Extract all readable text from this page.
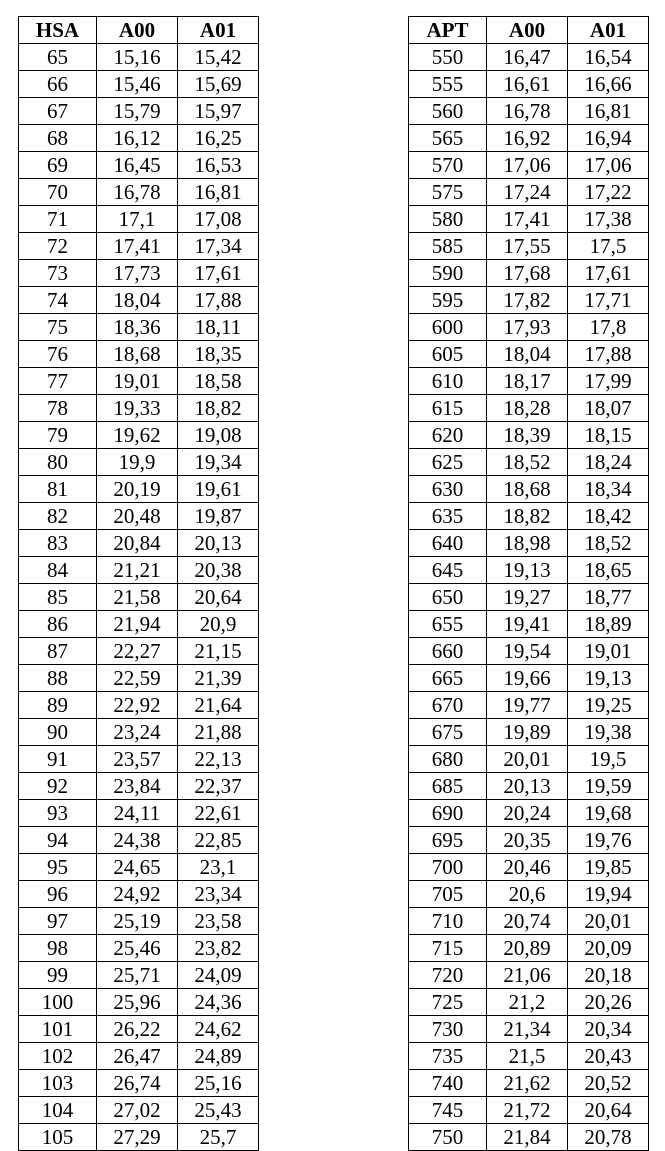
HSA	A00	A01
65	15,16	15,42
66	15,46	15,69
67	15,79	15,97
68	16,12	16,25
69	16,45	16,53
70	16,78	16,81
71	17,1	17,08
72	17,41	17,34
73	17,73	17,61
74	18,04	17,88
75	18,36	18,11
76	18,68	18,35
77	19,01	18,58
78	19,33	18,82
79	19,62	19,08
80	19,9	19,34
81	20,19	19,61
82	20,48	19,87
83	20,84	20,13
84	21,21	20,38
85	21,58	20,64
86	21,94	20,9
87	22,27	21,15
88	22,59	21,39
89	22,92	21,64
90	23,24	21,88
91	23,57	22,13
92	23,84	22,37
93	24,11	22,61
94	24,38	22,85
95	24,65	23,1
96	24,92	23,34
97	25,19	23,58
98	25,46	23,82
99	25,71	24,09
100	25,96	24,36
101	26,22	24,62
102	26,47	24,89
103	26,74	25,16
104	27,02	25,43
105	27,29	25,7
APT	A00	A01
550	16,47	16,54
555	16,61	16,66
560	16,78	16,81
565	16,92	16,94
570	17,06	17,06
575	17,24	17,22
580	17,41	17,38
585	17,55	17,5
590	17,68	17,61
595	17,82	17,71
600	17,93	17,8
605	18,04	17,88
610	18,17	17,99
615	18,28	18,07
620	18,39	18,15
625	18,52	18,24
630	18,68	18,34
635	18,82	18,42
640	18,98	18,52
645	19,13	18,65
650	19,27	18,77
655	19,41	18,89
660	19,54	19,01
665	19,66	19,13
670	19,77	19,25
675	19,89	19,38
680	20,01	19,5
685	20,13	19,59
690	20,24	19,68
695	20,35	19,76
700	20,46	19,85
705	20,6	19,94
710	20,74	20,01
715	20,89	20,09
720	21,06	20,18
725	21,2	20,26
730	21,34	20,34
735	21,5	20,43
740	21,62	20,52
745	21,72	20,64
750	21,84	20,78
